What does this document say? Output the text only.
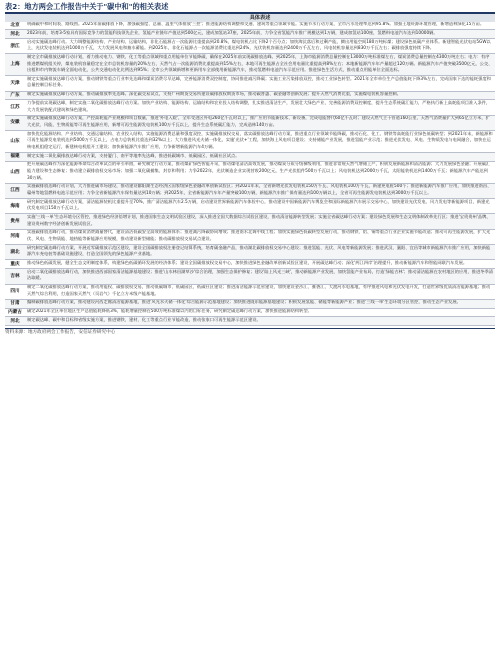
表2：地方两会工作报告中关于"碳中和"的相关表述
	具体表述
北京	明确碳中和时间表、路线图。2025年前碳排放下降，加强碳强度、总量、温室气体排放'三控'；推进能源结构调整和交通、建筑等重点领域节能。实施节水行动方案，全市污水处理率达到95.8%。加强土地资源环境管理，新增造林绿化15万亩。
河北	2023年前，培育3-5家具有国际竞争力的氢能科技领先企业，氢能产业链年产值达到500亿元，建成加氢站37座，2025年前，力争全省氢能汽车推广规模达到1万辆，建成加氢站100座，氢燃料电池汽车达到10000辆。
浙江	启动实施碳达峰行动。大力调整能源结构、产业结构、运输结构，非化石能源占一次能源比重提高到20.8%，煤电装机占比下降2个百分点；加快淘汰落后和过剩产能，腾出用能空间180万吨标煤；建设绿色低碳产业体系。新建智能光伏电站5GW以上，光伏发电装机达到1000万千瓦，大力发展风电和抽水蓄能。到2025年，非化石能源占一次能源消费比重达到24%，光伏装机容量达到2400万千瓦左右，风电装机容量达到830万千瓦左右；碳排放强度持续下降。
上海	制定全市碳排放达峰行动计划，着力推动电力、钢铁、化工等重点领域和重点用能单位节能降碳，确保在2025年前实现碳排放达峰。到2025年，上海市能源消费总量控制在13000万吨标准煤左右，煤炭消费总量控制在4300万吨左右；电力：有序推进燃煤机组关停，煤电装机容量稳定在全市总装机容量的20%左右，天然气占一次能源消费比重提高到15%左右，本地可再生能源占全社会用电量比重提高到8%左右；本地新能源汽车年产量超过120万辆。新能源汽车产值突破3500亿元，公交、出租和市内物流车辆全面电动化，公共交通电动化比例达到95%；全市公共领域新增和更新用车全部使用新能源汽车，推动氢燃料电池汽车示范应用。推进绿色生活方式，推动重点用能单位全面达标。
天津	制定实施碳排放达峰行动方案，推动钢铁等重点行业率先达峰和煤炭消费尽早达峰，完善能源消费双控制度，协同推进减污降碳；实施工业污染排放双控，推动工业绿色转型。2021年全市单位生产总值能耗下降3%左右，完成国家下达的能耗强度和总量控制目标任务。
广东	制定实施碳排放达峰行动方案，推动碳排放率先达峰。深化碳交易试点，支持广州期货交易所建设碳排放权期货市场，推动碳普惠、碳金融等创新发展；提升天然气消费比重，实施煤电装机容量控制。
江苏	力争提前实现碳达峰，制定实施二氧化碳排放达峰行动方案。加快产业结构、能源结构、运输结构和农业投入结构调整，扎实推进清洁生产，发展壮大绿色产业，完善能源消费双控制度，提升生态系统碳汇能力，严格执行新上高耗能项目准入条件，大力发展装配式建筑和绿色建筑。
安徽	制定实施碳排放达峰行动方案，严控高耗能产业规模和项目数量，推进'外电入皖'，全年受进区外电260亿千瓦时以上，推广应用节能新技术、新设备，完成电能替代60亿千瓦时；建设天然气主干管道160公里，天然气消费量扩大到65亿立方米，扩大光伏、风能、生物质能等可再生能源应用，新增可再生能源发电装机100万千瓦以上，提升生态系统碳汇能力，完成造林140万亩。
山东	加快优化能源结构、产业结构、交通运输结构、农业投入结构，实施能源消费总量和强度双控，实施碳排放权交易，落实碳排放达峰行动方案，推进重点行业领域节能降碳，推动石化、化工、钢铁等高耗能行业绿色低碳转型；到2021年末，新能源和可再生能源发电装机达到5000万千瓦以上，占电力总装机比重达到32%以上；大力推进风光火储一体化，实施'光伏+'工程，加快海上风电项目建设；支持储能产业发展，推进氢能产业示范；推进光伏发电、风电、生物质发电与电网融合，加快在运核电机组稳定运行，新建核电机组开工建设；加快新能源汽车推广应用，力争新增新能源汽车4万辆。
福建	制定实施二氧化碳排放达峰行动方案，支持厦门、南平等地率先达峰，推进低碳城市、低碳园区、低碳社区试点。
山西	把开展碳达峰作为深化能源革命综合改革试点的牵引举措，研究制定行动方案，推动煤矿绿色智能开采，推动煤电清洁高效发展，推动煤炭分质分级梯级利用，推进非常规天然气增储上产，积极发展新能源和清洁能源；大力发展绿色金融；开展碳汇能力建设和生态修复；推动建立碳排放权交易市场；加强二氧化碳捕集、封存和利用；力争2022年，光伏制造企业实现营收200亿元，生产光伏组件500万千瓦以上；风电装机达到2000万千瓦，太阳能装机达到1400万千瓦；新能源汽车产能达到30万辆。
江西	实施碳排放达峰行动计划，大力推进碳市场建设，推动建设鄱阳湖生态经济区国家级绿色金融改革创新试验区；到2021年末，全省新增光伏发电装机150万千瓦、风电装机100万千瓦，新建充电桩500个；推进新能源汽车推广应用，加快推进南昌、赣州等地氢燃料电池示范应用；力争全省新能源汽车保有量达到10万辆；到2025年，全省新能源汽车年产量突破100万辆，新能源汽车推广保有量达到100万辆以上，全省可再生能源发电装机达到3000万千瓦以上。
海南	研究制定碳排放达峰行动方案，清洁能源装机比重提升至70%，推广清洁能源汽车2.5万辆，启动建设世界新能源汽车体验中心，推动建设中国新能源汽车博览会和国际新能源汽车展示交易中心，加快建设光伏发电、风力发电等新能源项目，新建光伏发电项目150万千瓦以上。
贵州	实施'三线一单'生态环境分区管控，推进绿色经济倍增计划，推进国家生态文明试验区建设，深入推进全国大数据综合试验区建设，推动清洁能源转型发展；实施全省碳达峰行动方案；建设绿色发展和生态文明体制改革先行区；推进'宝贵贵州'品牌，建设贵州数字经济创新发展试验区。
河南	实施碳排放达峰行动，推动煤炭消费减量替代，建设清洁低碳安全高效的能源体系；推进减污降碳协同增效；推进南水北调中线工程；加快实施绿色低碳转型发展行动，推动钢铁、铝、铜等重点行业企业实施节能改造；推动可再生能源发展，扩大光伏、风电、生物质能、地热能等新能源应用规模，推动建设新型储能；推动碳排放权交易试点建设。
湖北	研究制定碳达峰行动方案，开展近零碳排放示范区建设，建设全国碳排放权注册登记结算系统，培育碳金融产品，推动湖北碳排放权交易中心建设；推进氢能、光伏、风电等新能源发展；推进武汉、襄阳、宜昌等城市新能源汽车推广应用，加快新能源汽车充电桩等基础设施建设，打造全国领先的绿色能源产业基地。
重庆	推动绿色低碳发展，健全生态文明制度体系，构建绿色低碳循环发展的经济体系；建设全国碳排放权交易中心，加快推进绿色金融改革创新试验区建设，开展碳达峰行动；深化'两江四岸'治理提升，推动新能源汽车和智能网联汽车发展。
吉林	启动二氧化碳排放达峰行动，加快推进西部国家清洁能源基地建设；推进'山水林田湖草沙'综合治理，加强生态保护修复；建设'陆上风光三峡'，推动新能源产业发展，加快氢能产业布局，打造'绿能吉林'；推动清洁能源在农村地区的应用，推进冬季清洁取暖。
四川	制定二氧化碳排放达峰行动方案，推动用能权、碳排放权交易，推动低碳城市、低碳园区、低碳社区建设；推进清洁能源示范省建设，加快建设金沙江、雅砻江、大渡河水电基地，有序推进风电和光伏发电开发，打造世界级优质清洁能源基地；推动天然气综合利用，打造国家天然气（页岩气）千亿立方米级产能基地。
甘肃	编制碳排放达峰行动方案，推动建设河西走廊清洁能源基地，推进'风光水火储一体化'综合能源示范基地建设；加快推进陇东能源基地建设；积极发展氢能、储能等新能源产业；推进'三线一单'生态环境分区管控，推动生态产业发展。
内蒙古	确定2021年全区单位地区生产总值能耗降低3%，能耗增量控制在500万吨标准煤以内的目标任务，研究制定碳达峰行动方案，加快推进能源结构转型。
河北	制定碳达峰、碳中和目标和省级实施方案，推进钢铁、建材、化工等重点行业节能改造，推动张家口可再生能源示范区建设。
资料来源：地方政府两会工作报告，安信证券研究中心
